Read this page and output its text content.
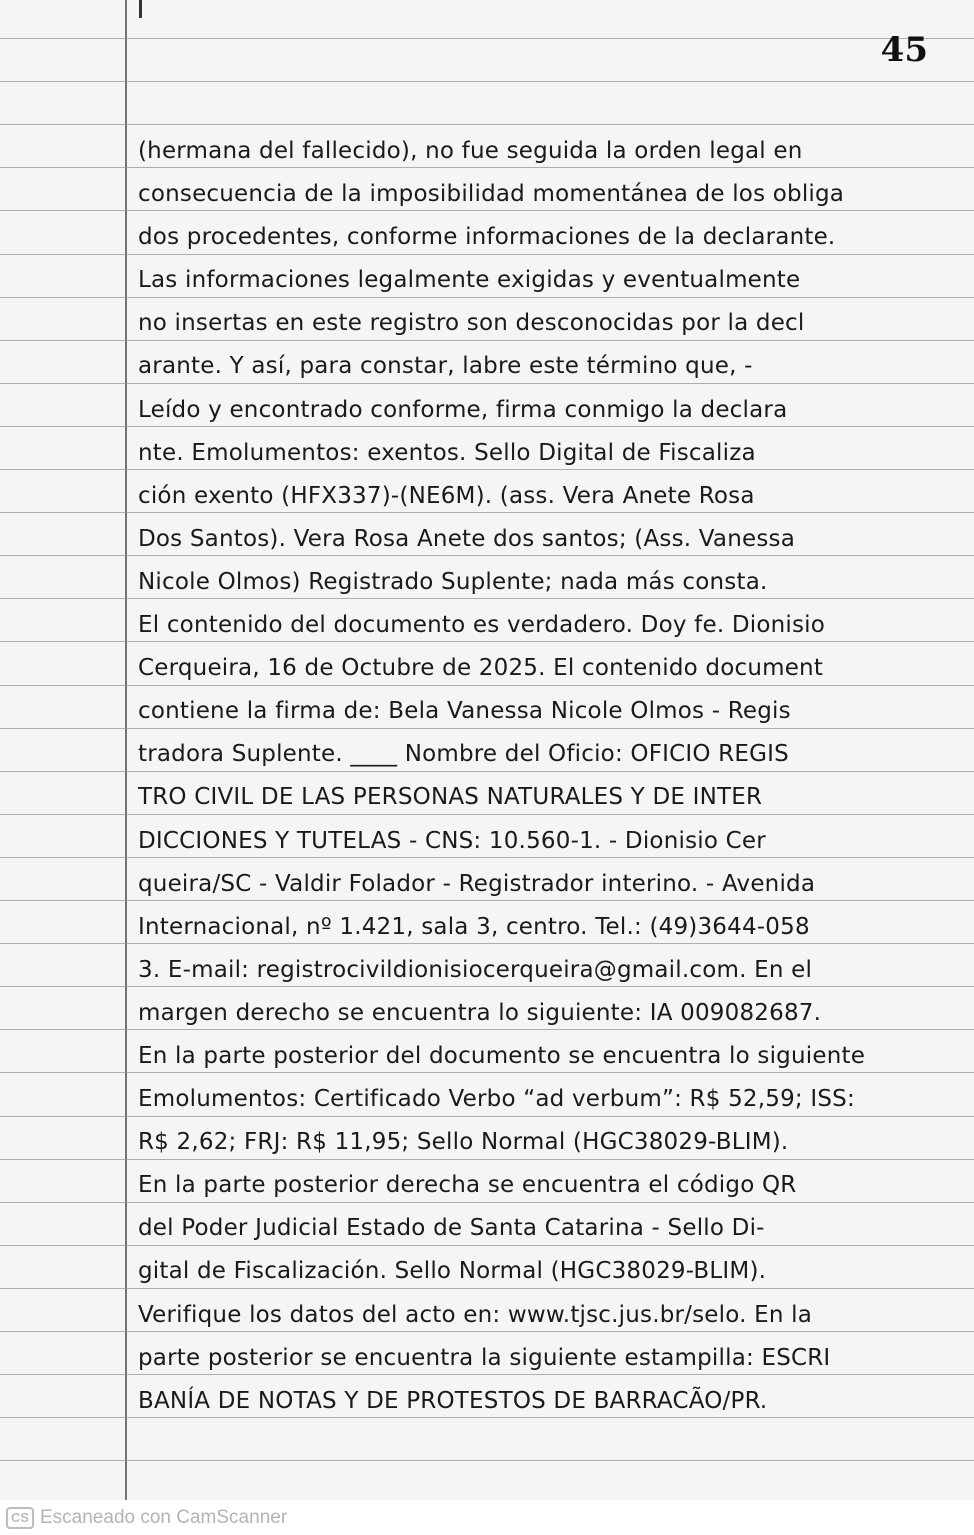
45
(hermana del fallecido), no fue seguida la orden legal en
consecuencia de la imposibilidad momentánea de los obliga
dos procedentes, conforme informaciones de la declarante.
Las informaciones legalmente exigidas y eventualmente
no insertas en este registro son desconocidas por la decl
arante. Y así, para constar, labre este término que, -
Leído y encontrado conforme, firma conmigo la declara
nte. Emolumentos: exentos. Sello Digital de Fiscaliza
ción exento (HFX337)-(NE6M). (ass. Vera Anete Rosa
Dos Santos). Vera Rosa Anete dos santos; (Ass. Vanessa
Nicole Olmos) Registrado Suplente; nada más consta.
El contenido del documento es verdadero. Doy fe. Dionisio
Cerqueira, 16 de Octubre de 2025. El contenido document
contiene la firma de: Bela Vanessa Nicole Olmos - Regis
tradora Suplente. ____ Nombre del Oficio: OFICIO REGIS
TRO CIVIL DE LAS PERSONAS NATURALES Y DE INTER
DICCIONES Y TUTELAS - CNS: 10.560-1. - Dionisio Cer
queira/SC - Valdir Folador - Registrador interino. - Avenida
Internacional, nº 1.421, sala 3, centro. Tel.: (49)3644-058
3. E-mail: registrocivildionisiocerqueira@gmail.com. En el
margen derecho se encuentra lo siguiente: IA 009082687.
En la parte posterior del documento se encuentra lo siguiente
Emolumentos: Certificado Verbo “ad verbum”: R$ 52,59; ISS:
R$ 2,62; FRJ: R$ 11,95; Sello Normal (HGC38029-BLIM).
En la parte posterior derecha se encuentra el código QR
del Poder Judicial Estado de Santa Catarina - Sello Di-
gital de Fiscalización. Sello Normal (HGC38029-BLIM).
Verifique los datos del acto en: www.tjsc.jus.br/selo. En la
parte posterior se encuentra la siguiente estampilla: ESCRI
BANÍA DE NOTAS Y DE PROTESTOS DE BARRACÃO/PR.
CS Escaneado con CamScanner
